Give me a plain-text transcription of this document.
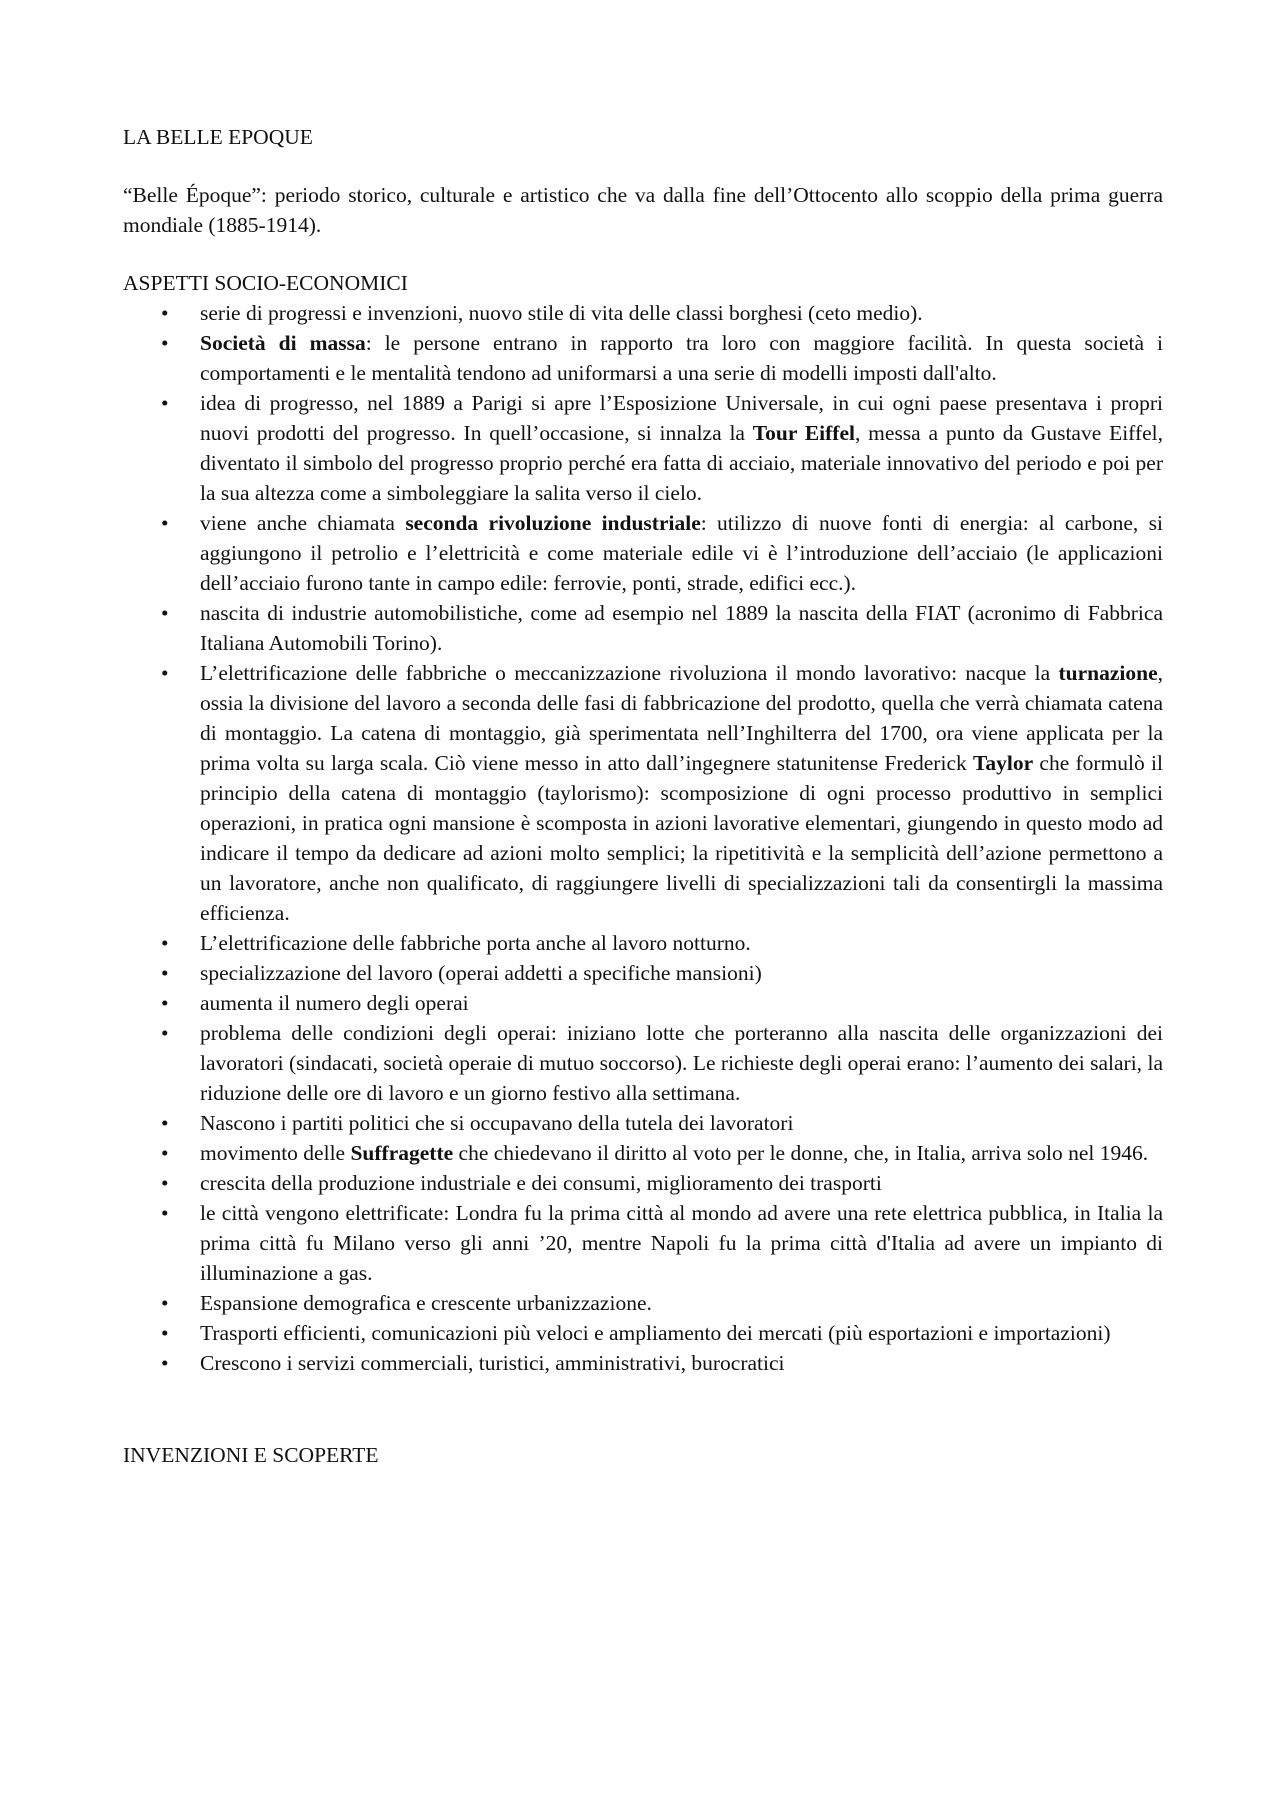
LA BELLE EPOQUE

“Belle Époque”: periodo storico, culturale e artistico che va dalla fine dell’Ottocento allo scoppio della prima guerra mondiale (1885-1914).

ASPETTI SOCIO-ECONOMICI

• serie di progressi e invenzioni, nuovo stile di vita delle classi borghesi (ceto medio).
• Società di massa: le persone entrano in rapporto tra loro con maggiore facilità. In questa società i comportamenti e le mentalità tendono ad uniformarsi a una serie di modelli imposti dall'alto.
• idea di progresso, nel 1889 a Parigi si apre l’Esposizione Universale, in cui ogni paese presentava i propri nuovi prodotti del progresso. In quell’occasione, si innalza la Tour Eiffel, messa a punto da Gustave Eiffel, diventato il simbolo del progresso proprio perché era fatta di acciaio, materiale innovativo del periodo e poi per la sua altezza come a simboleggiare la salita verso il cielo.
• viene anche chiamata seconda rivoluzione industriale: utilizzo di nuove fonti di energia: al carbone, si aggiungono il petrolio e l’elettricità e come materiale edile vi è l’introduzione dell’acciaio (le applicazioni dell’acciaio furono tante in campo edile: ferrovie, ponti, strade, edifici ecc.).
• nascita di industrie automobilistiche, come ad esempio nel 1889 la nascita della FIAT (acronimo di Fabbrica Italiana Automobili Torino).
• L’elettrificazione delle fabbriche o meccanizzazione rivoluziona il mondo lavorativo: nacque la turnazione, ossia la divisione del lavoro a seconda delle fasi di fabbricazione del prodotto, quella che verrà chiamata catena di montaggio. La catena di montaggio, già sperimentata nell’Inghilterra del 1700, ora viene applicata per la prima volta su larga scala. Ciò viene messo in atto dall’ingegnere statunitense Frederick Taylor che formulò il principio della catena di montaggio (taylorismo): scomposizione di ogni processo produttivo in semplici operazioni, in pratica ogni mansione è scomposta in azioni lavorative elementari, giungendo in questo modo ad indicare il tempo da dedicare ad azioni molto semplici; la ripetitività e la semplicità dell’azione permettono a un lavoratore, anche non qualificato, di raggiungere livelli di specializzazioni tali da consentirgli la massima efficienza.
• L’elettrificazione delle fabbriche porta anche al lavoro notturno.
• specializzazione del lavoro (operai addetti a specifiche mansioni)
• aumenta il numero degli operai
• problema delle condizioni degli operai: iniziano lotte che porteranno alla nascita delle organizzazioni dei lavoratori (sindacati, società operaie di mutuo soccorso). Le richieste degli operai erano: l’aumento dei salari, la riduzione delle ore di lavoro e un giorno festivo alla settimana.
• Nascono i partiti politici che si occupavano della tutela dei lavoratori
• movimento delle Suffragette che chiedevano il diritto al voto per le donne, che, in Italia, arriva solo nel 1946.
• crescita della produzione industriale e dei consumi, miglioramento dei trasporti
• le città vengono elettrificate: Londra fu la prima città al mondo ad avere una rete elettrica pubblica, in Italia la prima città fu Milano verso gli anni ’20, mentre Napoli fu la prima città d'Italia ad avere un impianto di illuminazione a gas.
• Espansione demografica e crescente urbanizzazione.
• Trasporti efficienti, comunicazioni più veloci e ampliamento dei mercati (più esportazioni e importazioni)
• Crescono i servizi commerciali, turistici, amministrativi, burocratici

INVENZIONI E SCOPERTE
